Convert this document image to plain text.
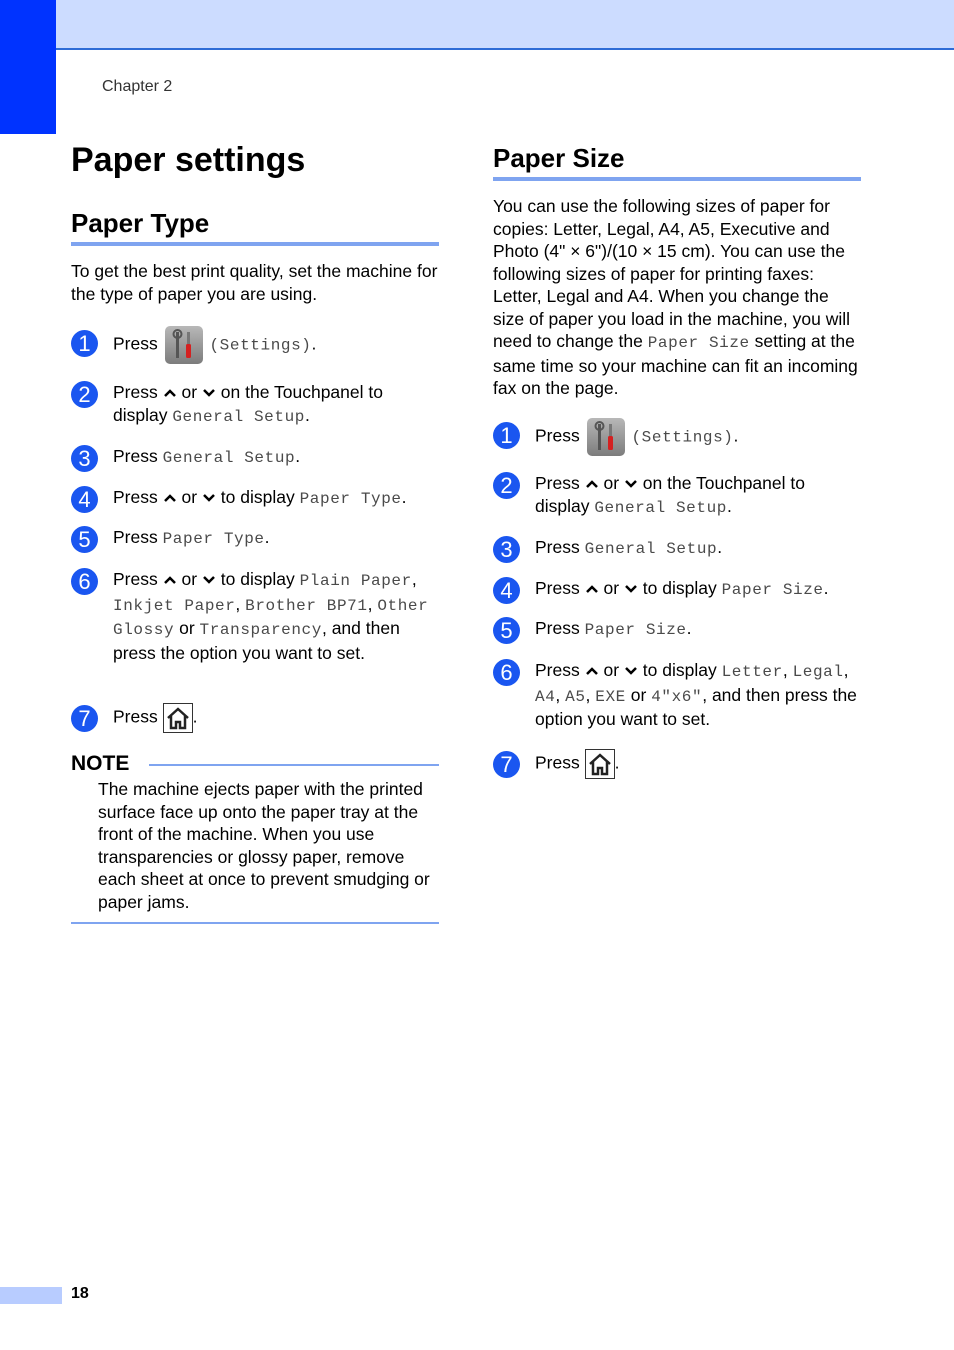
Chapter 2
Paper settings
Paper Type

To get the best print quality, set the machine for the type of paper you are using.

1	Press	(Settings).
2	Press or on the Touchpanel to display General Setup.
3	Press General Setup.
4	Press or to display Paper Type.
5	Press Paper Type.
6	Press or to display Plain Paper, Inkjet Paper, Brother BP71, Other Glossy or Transparency, and then press the option you want to set.
7	Press .
NOTE

The machine ejects paper with the printed surface face up onto the paper tray at the front of the machine. When you use transparencies or glossy paper, remove each sheet at once to prevent smudging or paper jams.

Paper Size

You can use the following sizes of paper for copies: Letter, Legal, A4, A5, Executive and Photo (4" × 6")/(10 × 15 cm). You can use the following sizes of paper for printing faxes: Letter, Legal and A4. When you change the size of paper you load in the machine, you will need to change the Paper Size setting at the same time so your machine can fit an incoming fax on the page.

1	Press	(Settings).
2	Press or on the Touchpanel to display General Setup.
3	Press General Setup.
4	Press or to display Paper Size.
5	Press Paper Size.
6	Press or to display Letter, Legal, A4, A5, EXE or 4"x6", and then press the option you want to set.
7	Press .
18
